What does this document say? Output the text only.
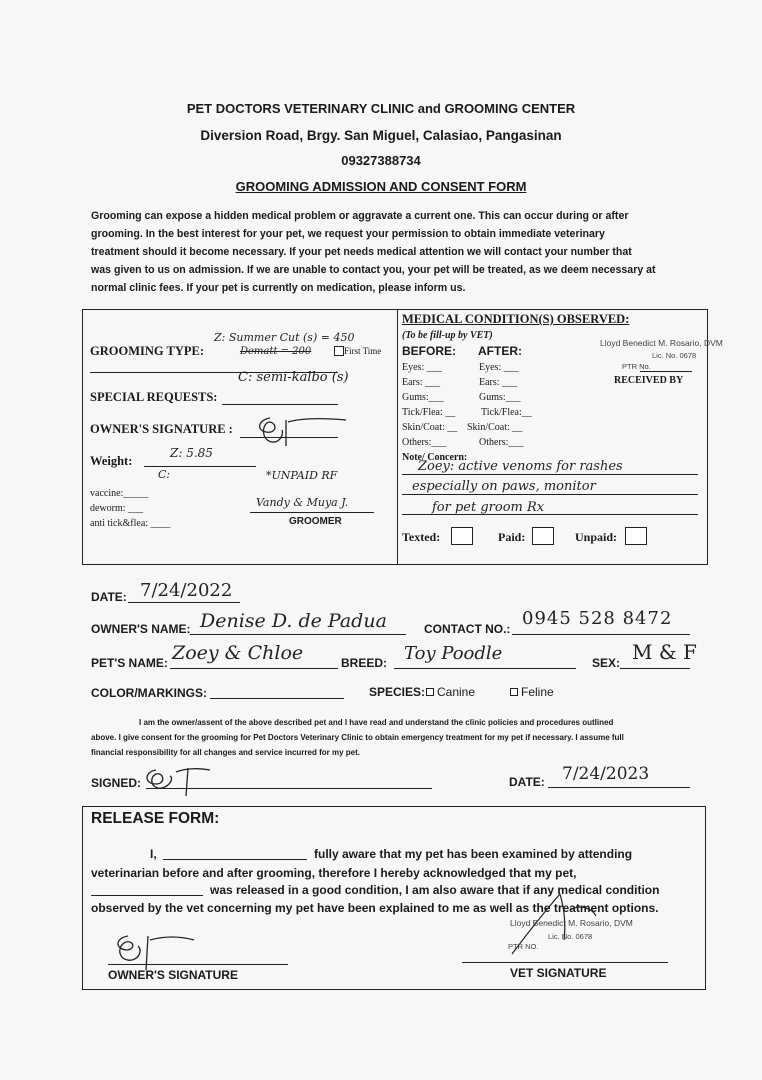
PET DOCTORS VETERINARY CLINIC and GROOMING CENTER
Diversion Road, Brgy. San Miguel, Calasiao, Pangasinan
09327388734
GROOMING ADMISSION AND CONSENT FORM

Grooming can expose a hidden medical problem or aggravate a current one. This can occur during or after

grooming. In the best interest for your pet, we request your permission to obtain immediate veterinary

treatment should it become necessary. If your pet needs medical attention we will contact your number that

was given to us on admission. If we are unable to contact you, your pet will be treated, as we deem necessary at

normal clinic fees. If your pet is currently on medication, please inform us.

GROOMING TYPE:
Z: Summer Cut (s) = 450
Dematt = 200	First Time
C: semi-kalbo (s)
SPECIAL REQUESTS:
OWNER'S SIGNATURE :
Weight:
Z: 5.85
C:	*UNPAID RF
vaccine:_____
deworm: ___
anti tick&flea: ____
Vandy & Muya J.
GROOMER
MEDICAL CONDITION(S) OBSERVED:
(To be fill-up by VET)
BEFORE: AFTER:
Eyes: ___	Eyes: ___
Ears: ___	Ears: ___
Gums:___	Gums:___
Tick/Flea: __	Tick/Flea:__
Skin/Coat: __ Skin/Coat: __
Others:___	Others:___
Lloyd Benedict M. Rosario, DVM
Lic. No. 0678
PTR No.
RECEIVED BY
Note/ Concern:
Zoey: active venoms for rashes
especially on paws, monitor
for pet groom Rx
Texted:	Paid:	Unpaid:
DATE: 7/24/2022
OWNER'S NAME: Denise D. de Padua	CONTACT NO.: 0945 528 8472
PET'S NAME: Zoey & Chloe	BREED: Toy Poodle	SEX: M & F
COLOR/MARKINGS:	SPECIES: Canine	Feline
I am the owner/assent of the above described pet and I have read and understand the clinic policies and procedures outlined
above. I give consent for the grooming for Pet Doctors Veterinary Clinic to obtain emergency treatment for my pet if necessary. I assume full
financial responsibility for all changes and service incurred for my pet.
SIGNED:	DATE: 7/24/2023
RELEASE FORM:
I,	fully aware that my pet has been examined by attending
veterinarian before and after grooming, therefore I hereby acknowledged that my pet,
was released in a good condition, I am also aware that if any medical condition
observed by the vet concerning my pet have been explained to me as well as the treatment options.
Lloyd Benedict M. Rosario, DVM
Lic. No. 0678
PTR NO.
OWNER'S SIGNATURE	VET SIGNATURE
